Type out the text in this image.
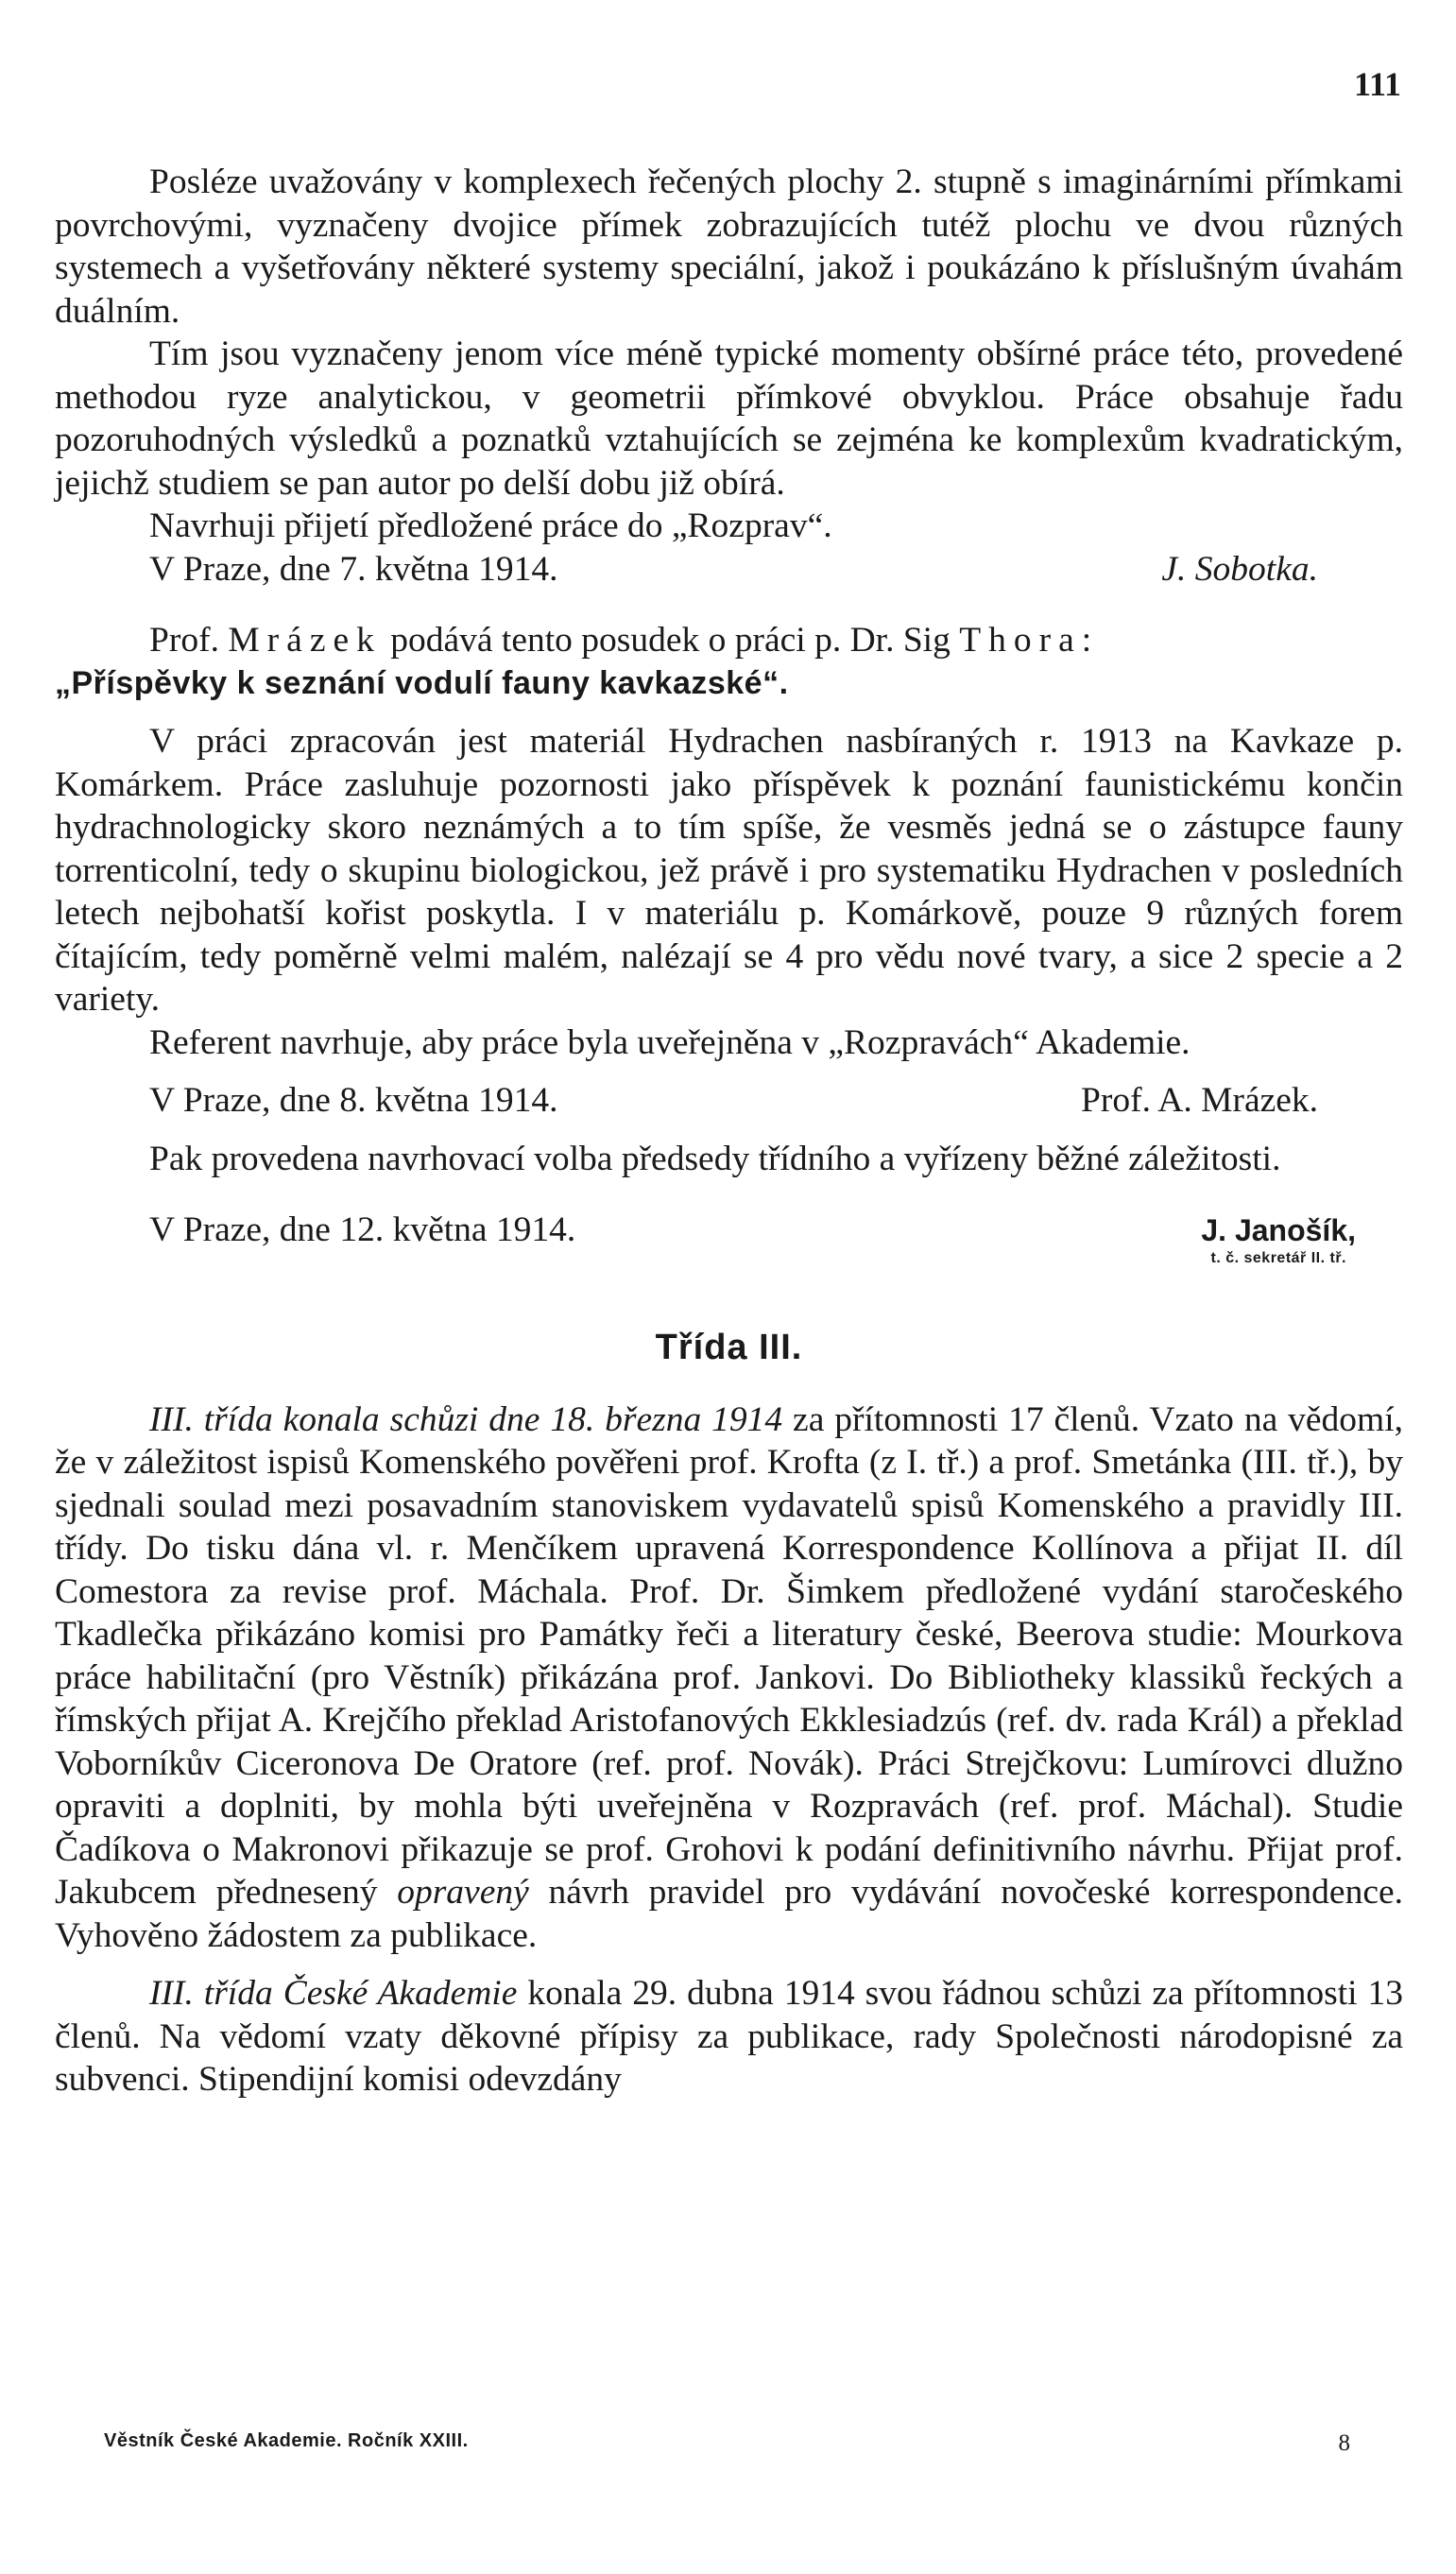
111

Posléze uvažovány v komplexech řečených plochy 2. stupně s imaginárními přímkami povrchovými, vyznačeny dvojice přímek zobrazujících tutéž plochu ve dvou různých systemech a vyšetřovány některé systemy speciální, jakož i poukázáno k příslušným úvahám duálním.

Tím jsou vyznačeny jenom více méně typické momenty obšírné práce této, provedené methodou ryze analytickou, v geometrii přímkové obvyklou. Práce obsahuje řadu pozoruhodných výsledků a poznatků vztahujících se zejména ke komplexům kvadratickým, jejichž studiem se pan autor po delší dobu již obírá.

Navrhuji přijetí předložené práce do „Rozprav“.

V Praze, dne 7. května 1914.	J. Sobotka.

Prof. Mrázek podává tento posudek o práci p. Dr. Sig Thora:

„Příspěvky k seznání vodulí fauny kavkazské“.

V práci zpracován jest materiál Hydrachen nasbíraných r. 1913 na Kavkaze p. Komárkem. Práce zasluhuje pozornosti jako příspěvek k poznání faunistickému končin hydrachnologicky skoro neznámých a to tím spíše, že vesměs jedná se o zástupce fauny torrenticolní, tedy o skupinu biologickou, jež právě i pro systematiku Hydrachen v posledních letech nejbohatší kořist poskytla. I v materiálu p. Komárkově, pouze 9 různých forem čítajícím, tedy poměrně velmi malém, nalézají se 4 pro vědu nové tvary, a sice 2 specie a 2 variety.

Referent navrhuje, aby práce byla uveřejněna v „Rozpravách“ Akademie.

V Praze, dne 8. května 1914.	Prof. A. Mrázek.

Pak provedena navrhovací volba předsedy třídního a vyřízeny běžné záležitosti.

V Praze, dne 12. května 1914.	J. Janošík,
t. č. sekretář II. tř.
Třída III.

III. třída konala schůzi dne 18. března 1914 za přítomnosti 17 členů. Vzato na vědomí, že v záležitost ispisů Komenského pověřeni prof. Krofta (z I. tř.) a prof. Smetánka (III. tř.), by sjednali soulad mezi posavadním stanoviskem vydavatelů spisů Komenského a pravidly III. třídy. Do tisku dána vl. r. Menčíkem upravená Korrespondence Kollínova a přijat II. díl Comestora za revise prof. Máchala. Prof. Dr. Šimkem předložené vydání staročeského Tkadlečka přikázáno komisi pro Památky řeči a literatury české, Beerova studie: Mourkova práce habilitační (pro Věstník) přikázána prof. Jankovi. Do Bibliotheky klassiků řeckých a římských přijat A. Krejčího překlad Aristofanových Ekklesiadzús (ref. dv. rada Král) a překlad Voborníkův Ciceronova De Oratore (ref. prof. Novák). Práci Strejčkovu: Lumírovci dlužno opraviti a doplniti, by mohla býti uveřejněna v Rozpravách (ref. prof. Máchal). Studie Čadíkova o Makronovi přikazuje se prof. Grohovi k podání definitivního návrhu. Přijat prof. Jakubcem přednesený opravený návrh pravidel pro vydávání novočeské korrespondence. Vyhověno žádostem za publikace.

III. třída České Akademie konala 29. dubna 1914 svou řádnou schůzi za přítomnosti 13 členů. Na vědomí vzaty děkovné přípisy za publikace, rady Společnosti národopisné za subvenci. Stipendijní komisi odevzdány

Věstník České Akademie. Ročník XXIII.	8
